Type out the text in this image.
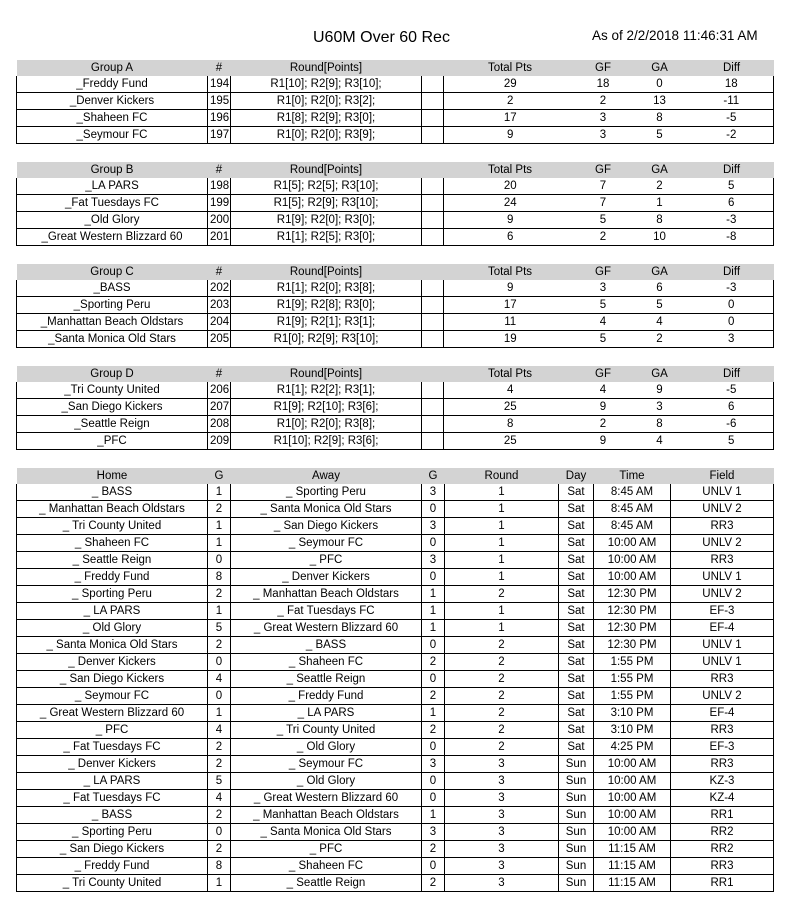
U60M Over 60 Rec	As of 2/2/2018 11:46:31 AM
Group A	#	Round[Points]		Total Pts	GF	GA	Diff
_Freddy Fund	194	R1[10]; R2[9]; R3[10];		29	18	0	18
_Denver Kickers	195	R1[0]; R2[0]; R3[2];		2	2	13	-11
_Shaheen FC	196	R1[8]; R2[9]; R3[0];		17	3	8	-5
_Seymour FC	197	R1[0]; R2[0]; R3[9];		9	3	5	-2
Group B	#	Round[Points]		Total Pts	GF	GA	Diff
_LA PARS	198	R1[5]; R2[5]; R3[10];		20	7	2	5
_Fat Tuesdays FC	199	R1[5]; R2[9]; R3[10];		24	7	1	6
_Old Glory	200	R1[9]; R2[0]; R3[0];		9	5	8	-3
_Great Western Blizzard 60	201	R1[1]; R2[5]; R3[0];		6	2	10	-8
Group C	#	Round[Points]		Total Pts	GF	GA	Diff
_BASS	202	R1[1]; R2[0]; R3[8];		9	3	6	-3
_Sporting Peru	203	R1[9]; R2[8]; R3[0];		17	5	5	0
_Manhattan Beach Oldstars	204	R1[9]; R2[1]; R3[1];		11	4	4	0
_Santa Monica Old Stars	205	R1[0]; R2[9]; R3[10];		19	5	2	3
Group D	#	Round[Points]		Total Pts	GF	GA	Diff
_Tri County United	206	R1[1]; R2[2]; R3[1];		4	4	9	-5
_San Diego Kickers	207	R1[9]; R2[10]; R3[6];		25	9	3	6
_Seattle Reign	208	R1[0]; R2[0]; R3[8];		8	2	8	-6
_PFC	209	R1[10]; R2[9]; R3[6];		25	9	4	5
Home	G	Away	G	Round	Day	Time	Field
_ BASS	1	_ Sporting Peru	3	1	Sat	8:45 AM	UNLV 1
_ Manhattan Beach Oldstars	2	_ Santa Monica Old Stars	0	1	Sat	8:45 AM	UNLV 2
_ Tri County United	1	_ San Diego Kickers	3	1	Sat	8:45 AM	RR3
_ Shaheen FC	1	_ Seymour FC	0	1	Sat	10:00 AM	UNLV 2
_ Seattle Reign	0	_ PFC	3	1	Sat	10:00 AM	RR3
_ Freddy Fund	8	_ Denver Kickers	0	1	Sat	10:00 AM	UNLV 1
_ Sporting Peru	2	_ Manhattan Beach Oldstars	1	2	Sat	12:30 PM	UNLV 2
_ LA PARS	1	_ Fat Tuesdays FC	1	1	Sat	12:30 PM	EF-3
_ Old Glory	5	_ Great Western Blizzard 60	1	1	Sat	12:30 PM	EF-4
_ Santa Monica Old Stars	2	_ BASS	0	2	Sat	12:30 PM	UNLV 1
_ Denver Kickers	0	_ Shaheen FC	2	2	Sat	1:55 PM	UNLV 1
_ San Diego Kickers	4	_ Seattle Reign	0	2	Sat	1:55 PM	RR3
_ Seymour FC	0	_ Freddy Fund	2	2	Sat	1:55 PM	UNLV 2
_ Great Western Blizzard 60	1	_ LA PARS	1	2	Sat	3:10 PM	EF-4
_ PFC	4	_ Tri County United	2	2	Sat	3:10 PM	RR3
_ Fat Tuesdays FC	2	_ Old Glory	0	2	Sat	4:25 PM	EF-3
_ Denver Kickers	2	_ Seymour FC	3	3	Sun	10:00 AM	RR3
_ LA PARS	5	_ Old Glory	0	3	Sun	10:00 AM	KZ-3
_ Fat Tuesdays FC	4	_ Great Western Blizzard 60	0	3	Sun	10:00 AM	KZ-4
_ BASS	2	_ Manhattan Beach Oldstars	1	3	Sun	10:00 AM	RR1
_ Sporting Peru	0	_ Santa Monica Old Stars	3	3	Sun	10:00 AM	RR2
_ San Diego Kickers	2	_ PFC	2	3	Sun	11:15 AM	RR2
_ Freddy Fund	8	_ Shaheen FC	0	3	Sun	11:15 AM	RR3
_ Tri County United	1	_ Seattle Reign	2	3	Sun	11:15 AM	RR1
